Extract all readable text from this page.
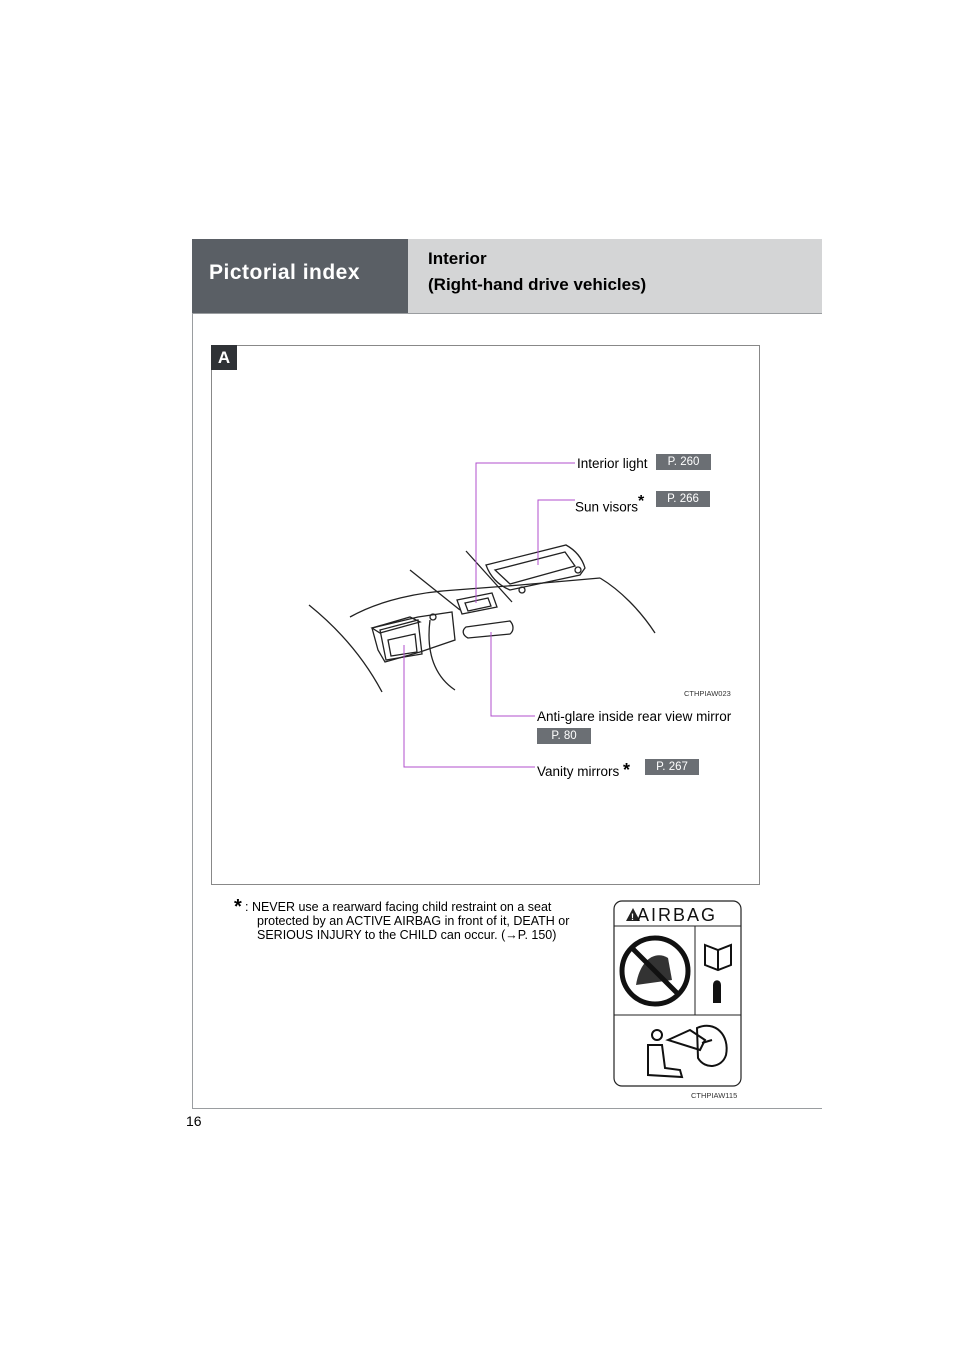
Pictorial index
Interior
(Right-hand drive vehicles)
A
! AIRBAG
Interior light	P. 260
Sun visors*	P. 266
CTHPIAW023
Anti-glare inside rear view mirror
P. 80
Vanity mirrors *	P. 267
* : NEVER use a rearward facing child restraint on a seat
protected by an ACTIVE AIRBAG in front of it, DEATH or SERIOUS INJURY to the CHILD can occur. (→P. 150)
CTHPIAW115
16
